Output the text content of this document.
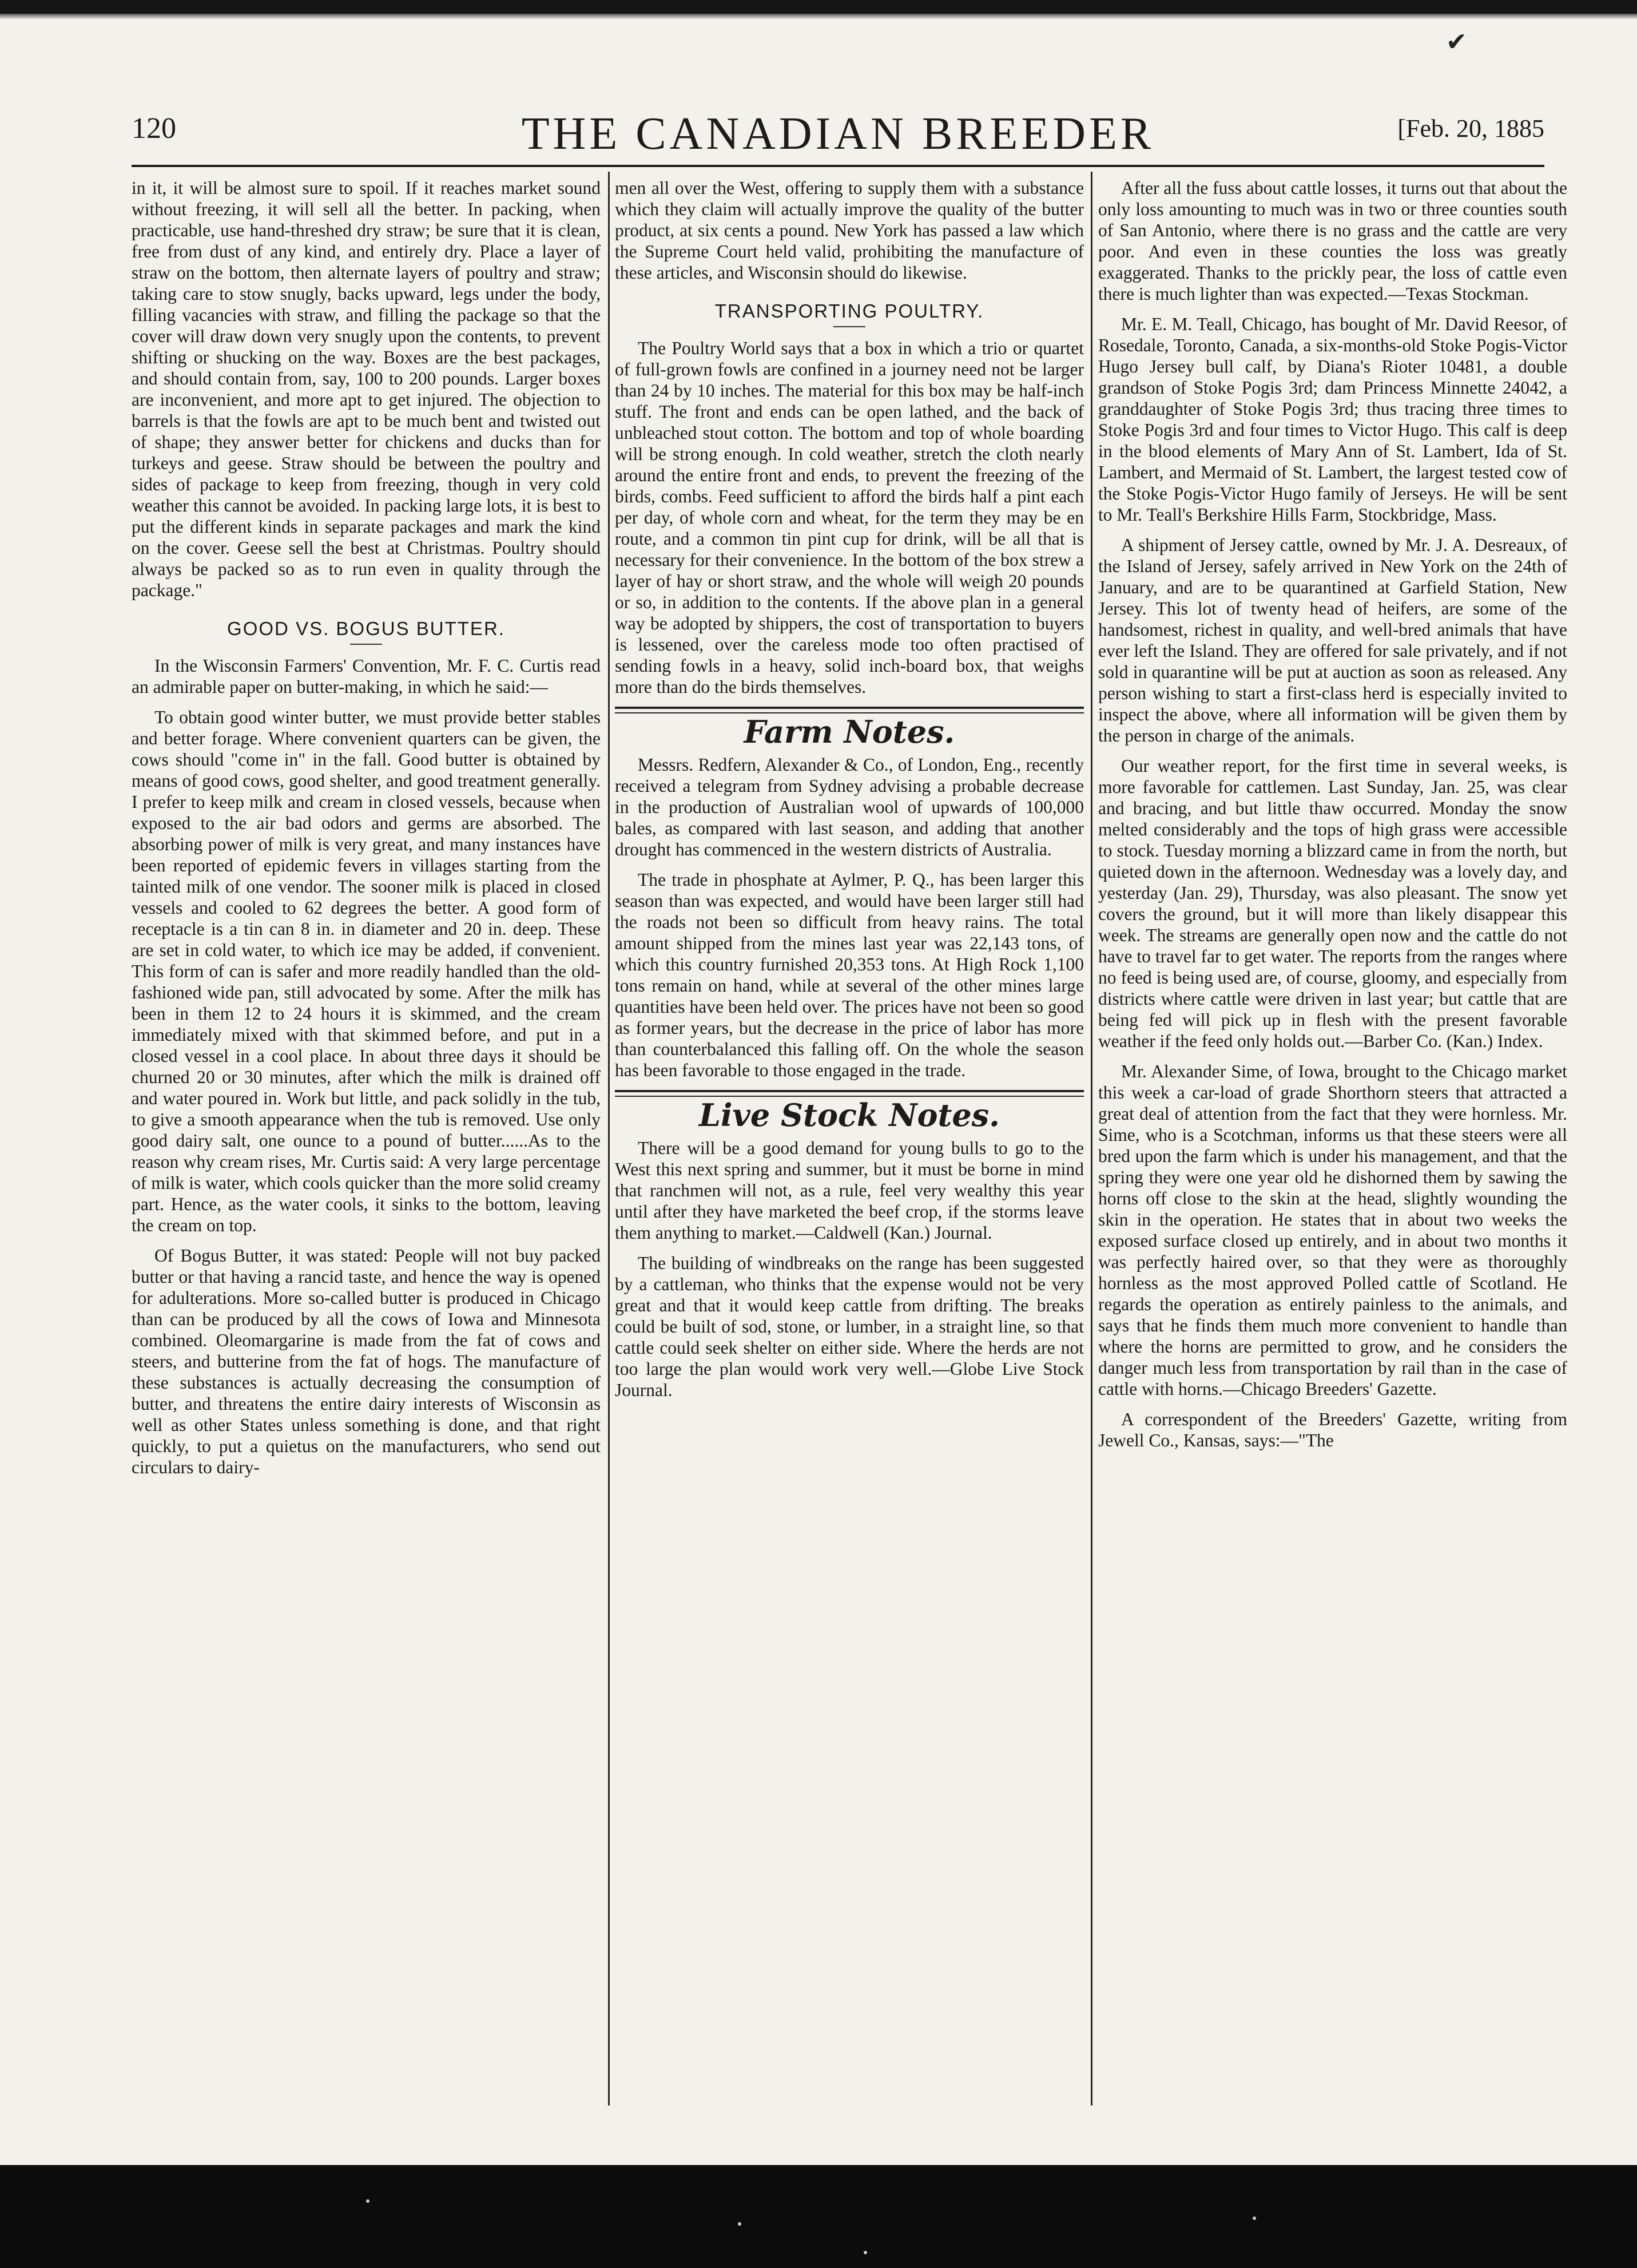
✔
120	THE CANADIAN BREEDER	[Feb. 20, 1885

in it, it will be almost sure to spoil. If it reaches market sound without freezing, it will sell all the better. In packing, when practicable, use hand-threshed dry straw; be sure that it is clean, free from dust of any kind, and entirely dry. Place a layer of straw on the bottom, then alternate layers of poultry and straw; taking care to stow snugly, backs upward, legs under the body, filling vacancies with straw, and filling the package so that the cover will draw down very snugly upon the contents, to prevent shifting or shucking on the way. Boxes are the best packages, and should contain from, say, 100 to 200 pounds. Larger boxes are inconvenient, and more apt to get injured. The objection to barrels is that the fowls are apt to be much bent and twisted out of shape; they answer better for chickens and ducks than for turkeys and geese. Straw should be between the poultry and sides of package to keep from freezing, though in very cold weather this cannot be avoided. In packing large lots, it is best to put the different kinds in separate packages and mark the kind on the cover. Geese sell the best at Christmas. Poultry should always be packed so as to run even in quality through the package."

GOOD VS. BOGUS BUTTER.

In the Wisconsin Farmers' Convention, Mr. F. C. Curtis read an admirable paper on butter-making, in which he said:—

To obtain good winter butter, we must provide better stables and better forage. Where convenient quarters can be given, the cows should "come in" in the fall. Good butter is obtained by means of good cows, good shelter, and good treatment generally. I prefer to keep milk and cream in closed vessels, because when exposed to the air bad odors and germs are absorbed. The absorbing power of milk is very great, and many instances have been reported of epidemic fevers in villages starting from the tainted milk of one vendor. The sooner milk is placed in closed vessels and cooled to 62 degrees the better. A good form of receptacle is a tin can 8 in. in diameter and 20 in. deep. These are set in cold water, to which ice may be added, if convenient. This form of can is safer and more readily handled than the old-fashioned wide pan, still advocated by some. After the milk has been in them 12 to 24 hours it is skimmed, and the cream immediately mixed with that skimmed before, and put in a closed vessel in a cool place. In about three days it should be churned 20 or 30 minutes, after which the milk is drained off and water poured in. Work but little, and pack solidly in the tub, to give a smooth appearance when the tub is removed. Use only good dairy salt, one ounce to a pound of butter......As to the reason why cream rises, Mr. Curtis said: A very large percentage of milk is water, which cools quicker than the more solid creamy part. Hence, as the water cools, it sinks to the bottom, leaving the cream on top.

Of Bogus Butter, it was stated: People will not buy packed butter or that having a rancid taste, and hence the way is opened for adulterations. More so-called butter is produced in Chicago than can be produced by all the cows of Iowa and Minnesota combined. Oleomargarine is made from the fat of cows and steers, and butterine from the fat of hogs. The manufacture of these substances is actually decreasing the consumption of butter, and threatens the entire dairy interests of Wisconsin as well as other States unless something is done, and that right quickly, to put a quietus on the manufacturers, who send out circulars to dairy-

men all over the West, offering to supply them with a substance which they claim will actually improve the quality of the butter product, at six cents a pound. New York has passed a law which the Supreme Court held valid, prohibiting the manufacture of these articles, and Wisconsin should do likewise.

TRANSPORTING POULTRY.

The Poultry World says that a box in which a trio or quartet of full-grown fowls are confined in a journey need not be larger than 24 by 10 inches. The material for this box may be half-inch stuff. The front and ends can be open lathed, and the back of unbleached stout cotton. The bottom and top of whole boarding will be strong enough. In cold weather, stretch the cloth nearly around the entire front and ends, to prevent the freezing of the birds, combs. Feed sufficient to afford the birds half a pint each per day, of whole corn and wheat, for the term they may be en route, and a common tin pint cup for drink, will be all that is necessary for their convenience. In the bottom of the box strew a layer of hay or short straw, and the whole will weigh 20 pounds or so, in addition to the contents. If the above plan in a general way be adopted by shippers, the cost of transportation to buyers is lessened, over the careless mode too often practised of sending fowls in a heavy, solid inch-board box, that weighs more than do the birds themselves.

Farm Notes.

Messrs. Redfern, Alexander & Co., of London, Eng., recently received a telegram from Sydney advising a probable decrease in the production of Australian wool of upwards of 100,000 bales, as compared with last season, and adding that another drought has commenced in the western districts of Australia.

The trade in phosphate at Aylmer, P. Q., has been larger this season than was expected, and would have been larger still had the roads not been so difficult from heavy rains. The total amount shipped from the mines last year was 22,143 tons, of which this country furnished 20,353 tons. At High Rock 1,100 tons remain on hand, while at several of the other mines large quantities have been held over. The prices have not been so good as former years, but the decrease in the price of labor has more than counterbalanced this falling off. On the whole the season has been favorable to those engaged in the trade.

Live Stock Notes.

There will be a good demand for young bulls to go to the West this next spring and summer, but it must be borne in mind that ranchmen will not, as a rule, feel very wealthy this year until after they have marketed the beef crop, if the storms leave them anything to market.—Caldwell (Kan.) Journal.

The building of windbreaks on the range has been suggested by a cattleman, who thinks that the expense would not be very great and that it would keep cattle from drifting. The breaks could be built of sod, stone, or lumber, in a straight line, so that cattle could seek shelter on either side. Where the herds are not too large the plan would work very well.—Globe Live Stock Journal.

After all the fuss about cattle losses, it turns out that about the only loss amounting to much was in two or three counties south of San Antonio, where there is no grass and the cattle are very poor. And even in these counties the loss was greatly exaggerated. Thanks to the prickly pear, the loss of cattle even there is much lighter than was expected.—Texas Stockman.

Mr. E. M. Teall, Chicago, has bought of Mr. David Reesor, of Rosedale, Toronto, Canada, a six-months-old Stoke Pogis-Victor Hugo Jersey bull calf, by Diana's Rioter 10481, a double grandson of Stoke Pogis 3rd; dam Princess Minnette 24042, a granddaughter of Stoke Pogis 3rd; thus tracing three times to Stoke Pogis 3rd and four times to Victor Hugo. This calf is deep in the blood elements of Mary Ann of St. Lambert, Ida of St. Lambert, and Mermaid of St. Lambert, the largest tested cow of the Stoke Pogis-Victor Hugo family of Jerseys. He will be sent to Mr. Teall's Berkshire Hills Farm, Stockbridge, Mass.

A shipment of Jersey cattle, owned by Mr. J. A. Desreaux, of the Island of Jersey, safely arrived in New York on the 24th of January, and are to be quarantined at Garfield Station, New Jersey. This lot of twenty head of heifers, are some of the handsomest, richest in quality, and well-bred animals that have ever left the Island. They are offered for sale privately, and if not sold in quarantine will be put at auction as soon as released. Any person wishing to start a first-class herd is especially invited to inspect the above, where all information will be given them by the person in charge of the animals.

Our weather report, for the first time in several weeks, is more favorable for cattlemen. Last Sunday, Jan. 25, was clear and bracing, and but little thaw occurred. Monday the snow melted considerably and the tops of high grass were accessible to stock. Tuesday morning a blizzard came in from the north, but quieted down in the afternoon. Wednesday was a lovely day, and yesterday (Jan. 29), Thursday, was also pleasant. The snow yet covers the ground, but it will more than likely disappear this week. The streams are generally open now and the cattle do not have to travel far to get water. The reports from the ranges where no feed is being used are, of course, gloomy, and especially from districts where cattle were driven in last year; but cattle that are being fed will pick up in flesh with the present favorable weather if the feed only holds out.—Barber Co. (Kan.) Index.

Mr. Alexander Sime, of Iowa, brought to the Chicago market this week a car-load of grade Shorthorn steers that attracted a great deal of attention from the fact that they were hornless. Mr. Sime, who is a Scotchman, informs us that these steers were all bred upon the farm which is under his management, and that the spring they were one year old he dishorned them by sawing the horns off close to the skin at the head, slightly wounding the skin in the operation. He states that in about two weeks the exposed surface closed up entirely, and in about two months it was perfectly haired over, so that they were as thoroughly hornless as the most approved Polled cattle of Scotland. He regards the operation as entirely painless to the animals, and says that he finds them much more convenient to handle than where the horns are permitted to grow, and he considers the danger much less from transportation by rail than in the case of cattle with horns.—Chicago Breeders' Gazette.

A correspondent of the Breeders' Gazette, writing from Jewell Co., Kansas, says:—"The
